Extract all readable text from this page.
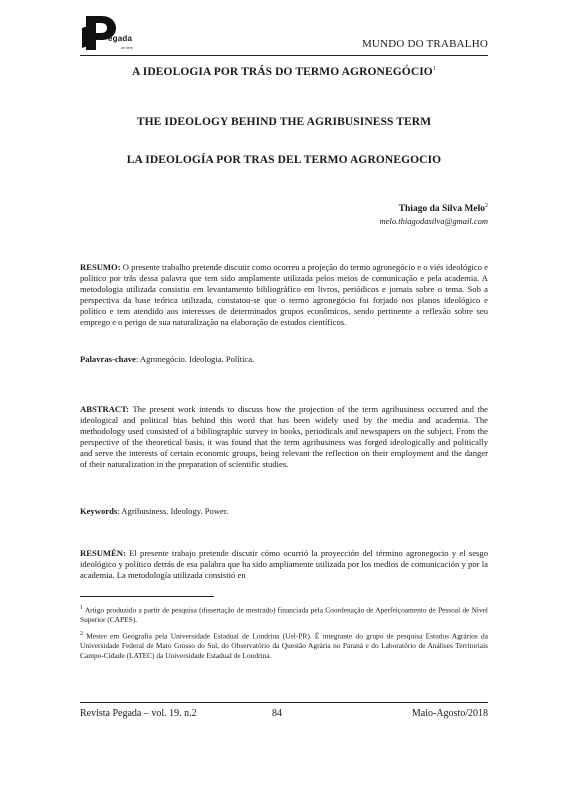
egada
on line	MUNDO DO TRABALHO
A IDEOLOGIA POR TRÁS DO TERMO AGRONEGÓCIO$^1$
THE IDEOLOGY BEHIND THE AGRIBUSINESS TERM
LA IDEOLOGÍA POR TRAS DEL TERMO AGRONEGOCIO
Thiago da Silva Melo$^2$
melo.thiagodasilva@gmail.com
RESUMO: O presente trabalho pretende discutir como ocorreu a projeção do termo agronegócio e o viés ideológico e político por trás dessa palavra que tem sido amplamente utilizada pelos meios de comunicação e pela academia. A metodologia utilizada consistiu em levantamento bibliográfico em livros, periódicos e jornais sobre o tema. Sob a perspectiva da base teórica utilizada, constatou-se que o termo agronegócio foi forjado nos planos ideológico e político e tem atendido aos interesses de determinados grupos econômicos, sendo pertinente a reflexão sobre seu emprego e o perigo de sua naturalização na elaboração de estudos científicos.
Palavras-chave: Agronegócio. Ideologia. Política.
ABSTRACT: The present work intends to discuss how the projection of the term agribusiness occurred and the ideological and political bias behind this word that has been widely used by the media and academia. The methodology used consisted of a bibliographic survey in books, periodicals and newspapers on the subject. From the perspective of the theoretical basis, it was found that the term agribusiness was forged ideologically and politically and serve the interests of certain economic groups, being relevant the reflection on their employment and the danger of their naturalization in the preparation of scientific studies.
Keywords: Agribusiness. Ideology. Power.
RESUMÉN: El presente trabajo pretende discutir cómo ocurrió la proyección del término agronegocio y el sesgo ideológico y político detrás de esa palabra que ha sido ampliamente utilizada por los medios de comunicación y por la academia. La metodología utilizada consistió en
$^1$ Artigo produzido a partir de pesquisa (dissertação de mestrado) financiada pela Coordenação de Aperfeiçoamento de Pessoal de Nível Superior (CAPES).
$^2$ Mestre em Geografia pela Universidade Estadual de Londrina (Uel-PR). É integrante do grupo de pesquisa Estudos Agrários da Universidade Federal de Mato Grosso do Sul, do Observatório da Questão Agrária no Paraná e do Laboratório de Análises Territoriais Campo-Cidade (LATEC) da Universidade Estadual de Londrina.
Revista Pegada – vol. 19. n.2	84	Maio-Agosto/2018
